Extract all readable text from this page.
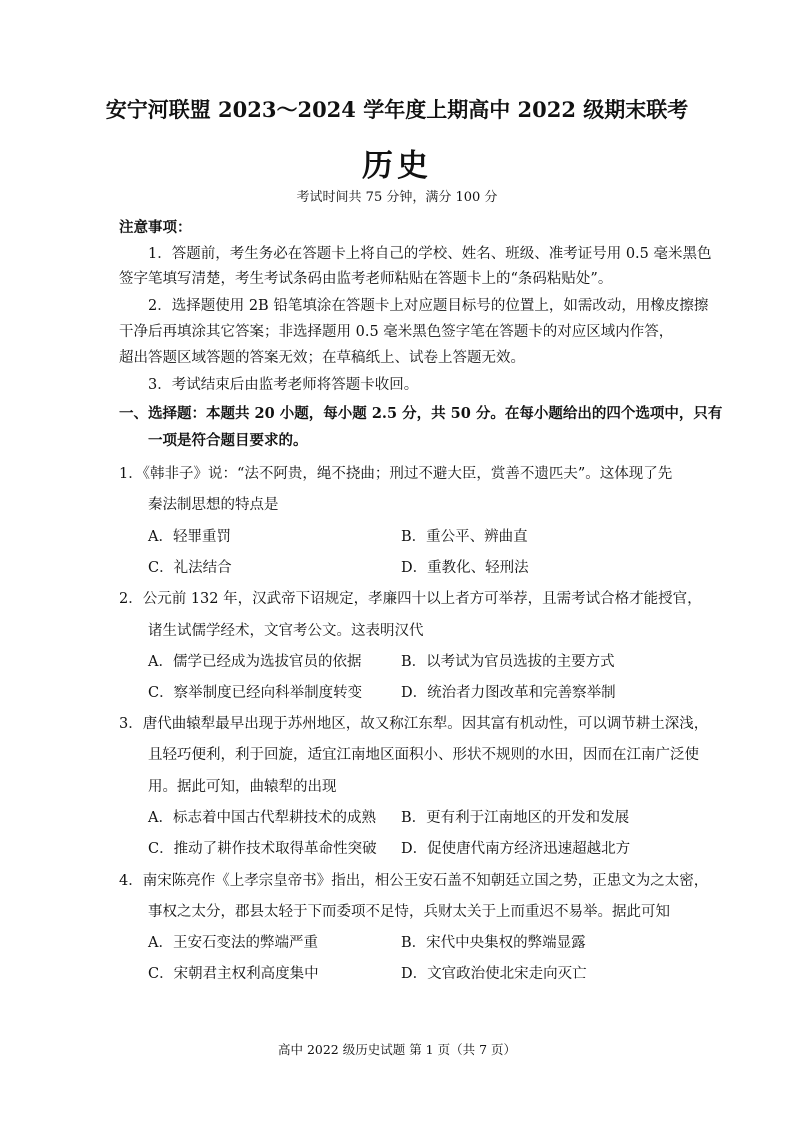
安宁河联盟 2023～2024 学年度上期高中 2022 级期末联考
历史
考试时间共 75 分钟，满分 100 分
注意事项：
1．答题前，考生务必在答题卡上将自己的学校、姓名、班级、准考证号用 0.5 毫米黑色
签字笔填写清楚，考生考试条码由监考老师粘贴在答题卡上的“条码粘贴处”。
2．选择题使用 2B 铅笔填涂在答题卡上对应题目标号的位置上，如需改动，用橡皮擦擦
干净后再填涂其它答案；非选择题用 0.5 毫米黑色签字笔在答题卡的对应区域内作答，
超出答题区域答题的答案无效；在草稿纸上、试卷上答题无效。
3．考试结束后由监考老师将答题卡收回。
一、选择题：本题共 20 小题，每小题 2.5 分，共 50 分。在每小题给出的四个选项中，只有
一项是符合题目要求的。
1．《韩非子》说：“法不阿贵，绳不挠曲；刑过不避大臣，赏善不遗匹夫”。这体现了先
秦法制思想的特点是
A．轻罪重罚	B．重公平、辨曲直
C．礼法结合	D．重教化、轻刑法
2．公元前 132 年，汉武帝下诏规定，孝廉四十以上者方可举荐，且需考试合格才能授官，
诸生试儒学经术，文官考公文。这表明汉代
A．儒学已经成为选拔官员的依据	B．以考试为官员选拔的主要方式
C．察举制度已经向科举制度转变	D．统治者力图改革和完善察举制
3．唐代曲辕犁最早出现于苏州地区，故又称江东犁。因其富有机动性，可以调节耕土深浅，
且轻巧便利，利于回旋，适宜江南地区面积小、形状不规则的水田，因而在江南广泛使
用。据此可知，曲辕犁的出现
A．标志着中国古代犁耕技术的成熟 B．更有利于江南地区的开发和发展
C．推动了耕作技术取得革命性突破 D．促使唐代南方经济迅速超越北方
4．南宋陈亮作《上孝宗皇帝书》指出，相公王安石盖不知朝廷立国之势，正患文为之太密，
事权之太分，郡县太轻于下而委项不足恃，兵财太关于上而重迟不易举。据此可知
A．王安石变法的弊端严重	B．宋代中央集权的弊端显露
C．宋朝君主权利高度集中	D．文官政治使北宋走向灭亡
高中 2022 级历史试题 第 1 页（共 7 页）
